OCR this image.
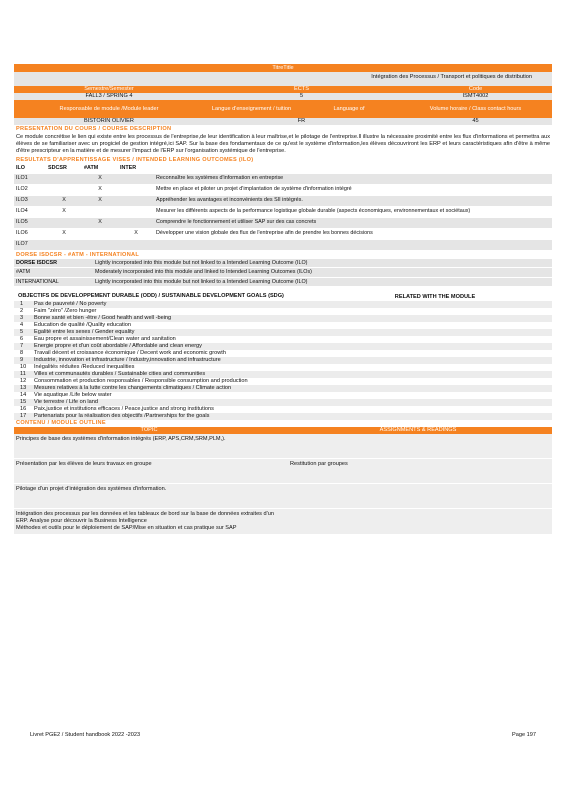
TitreTitle
Intégration des Processus / Transport et politiques de distribution
Semestre/Semester	ECTS	Code
FALL3 / SPRING 4	5	ISMT4002
Responsable de module /Module leader	Langue d'enseignement / tuition	Language of	Volume horaire / Class contact hours
BISTORIN OLIVIER	FR	45
PRESENTATION DU COURS / COURSE DESCRIPTION
Ce module concrétise le lien qui existe entre les processus de l'entreprise,de leur identification à leur maîtrise,et le pilotage de l'entreprise.Il illustre la nécessaire proximité entre les flux d'informations et permettra aux élèves de se familiariser avec un progiciel de gestion intégré,ici SAP. Sur la base des fondamentaux de ce qu'est le système d'information,les élèves découvriront les ERP et leurs caractéristiques afin d'être à même d'être prescripteur en la matière et de mesurer l'impact de l'ERP sur l'organisation systémique de l'entreprise.
RESULTATS D'APPRENTISSAGE VISES / INTENDED LEARNING OUTCOMES (ILO)
ILO	SDCSR	#ATM	INTER	
ILO1		X		Reconnaître les systèmes d'information en entreprise
ILO2		X		Mettre en place et piloter un projet d'implantation de système d'information intégré
ILO3	X	X		Appréhender les avantages et inconvénients des SII intégrés.
ILO4	X			Mesurer les différents aspects de la performance logistique globale durable (aspects économiques, environnementaux et sociétaux)
ILO5		X		Comprendre le fonctionnement et utiliser SAP sur des cas concrets
ILO6	X		X	Développer une vision globale des flux de l'entreprise afin de prendre les bonnes décisions
ILO7				
DORSE ISDCSR - #ATM - INTERNATIONAL
DORSE ISDCSR	Lightly incorporated into this module but not linked to a Intended Learning Outcome (ILO)
#ATM	Moderately incorporated into this module and linked to Intended Learning Outcomes (ILOs)
INTERNATIONAL	Lightly incorporated into this module but not linked to a Intended Learning Outcome (ILO)
OBJECTIFS DE DEVELOPPEMENT DURABLE (ODD) / SUSTAINABLE DEVELOPMENT GOALS (SDG)	RELATED WITH THE MODULE
1	Pas de pauvreté / No poverty
2	Faim "zéro" /Zero hunger
3	Bonne santé et bien -être / Good health and well -being
4	Education de qualité /Quality education
5	Egalité entre les sexes / Gender equality
6	Eau propre et assainissement/Clean water and sanitation
7	Energie propre et d'un coût abordable / Affordable and clean energy
8	Travail décent et croissance économique / Decent work and economic growth
9	Industrie, innovation et infrastructure / Industry,innovation and infrastructure
10	Inégalités réduites /Reduced inequalities
11	Villes et communautés durables / Sustainable cities and communities
12	Consommation et production responsables / Responsible consumption and production
13	Mesures relatives à la lutte contre les changements climatiques / Climate action
14	Vie aquatique /Life below water
15	Vie terrestre / Life on land
16	Paix,justice et institutions efficaces / Peace,justice and strong institutions
17	Partenariats pour la réalisation des objectifs /Partnerships for the goals
CONTENU / MODULE OUTLINE
TOPIC	ASSIGNMENTS & READINGS
Principes de base des systèmes d'information intégrés (ERP, APS,CRM,SRM,PLM,).
Présentation par les élèves de leurs travaux en groupe	Restitution par groupes
Pilotage d'un projet d'intégration des systèmes d'information.
Intégration des processus par les données et les tableaux de bord sur la base de données extraites d'un ERP. Analyse pour découvrir la Business Intelligence
Méthodes et outils pour le déploiement de SAP/Mise en situation et cas pratique sur SAP
Livret PGE2 / Student handbook 2022 -2023	Page 197
